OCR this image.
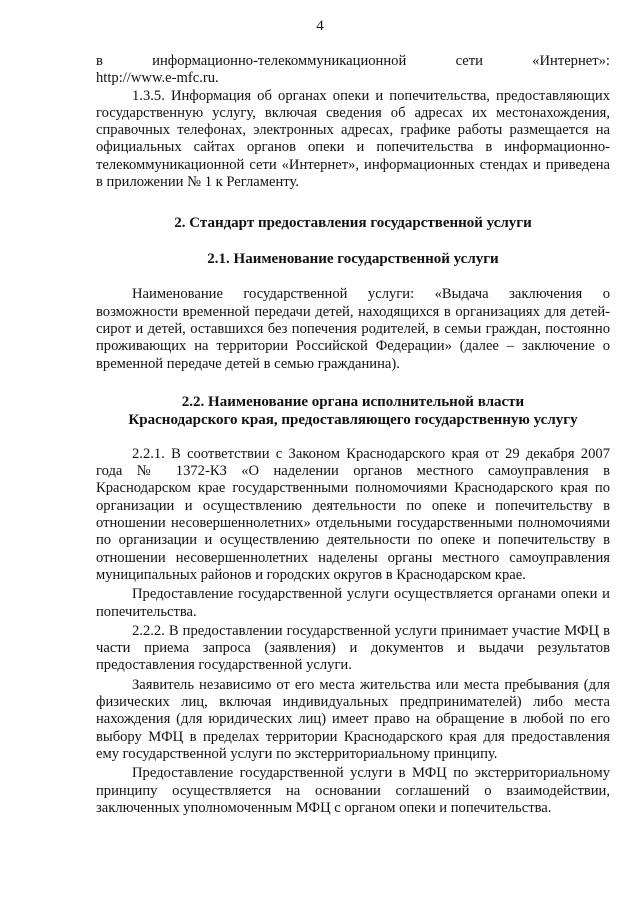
4

в информационно-телекоммуникационной сети «Интернет»:

http://www.e-mfc.ru.

1.3.5. Информация об органах опеки и попечительства, предоставляющих государственную услугу, включая сведения об адресах их местонахождения, справочных телефонах, электронных адресах, графике работы размещается на официальных сайтах органов опеки и попечительства в информационно-телекоммуникационной сети «Интернет», информационных стендах и приведена в приложении № 1 к Регламенту.

2. Стандарт предоставления государственной услуги
2.1. Наименование государственной услуги

Наименование государственной услуги: «Выдача заключения о возможности временной передачи детей, находящихся в организациях для детей-сирот и детей, оставшихся без попечения родителей, в семьи граждан, постоянно проживающих на территории Российской Федерации» (далее – заключение о временной передаче детей в семью гражданина).

2.2. Наименование органа исполнительной власти
Краснодарского края, предоставляющего государственную услугу

2.2.1. В соответствии с Законом Краснодарского края от 29 декабря 2007 года № 1372-КЗ «О наделении органов местного самоуправления в Краснодарском крае государственными полномочиями Краснодарского края по организации и осуществлению деятельности по опеке и попечительству в отношении несовершеннолетних» отдельными государственными полномочиями по организации и осуществлению деятельности по опеке и попечительству в отношении несовершеннолетних наделены органы местного самоуправления муниципальных районов и городских округов в Краснодарском крае.

Предоставление государственной услуги осуществляется органами опеки и попечительства.

2.2.2. В предоставлении государственной услуги принимает участие МФЦ в части приема запроса (заявления) и документов и выдачи результатов предоставления государственной услуги.

Заявитель независимо от его места жительства или места пребывания (для физических лиц, включая индивидуальных предпринимателей) либо места нахождения (для юридических лиц) имеет право на обращение в любой по его выбору МФЦ в пределах территории Краснодарского края для предоставления ему государственной услуги по экстерриториальному принципу.

Предоставление государственной услуги в МФЦ по экстерриториальному принципу осуществляется на основании соглашений о взаимодействии, заключенных уполномоченным МФЦ с органом опеки и попечительства.
